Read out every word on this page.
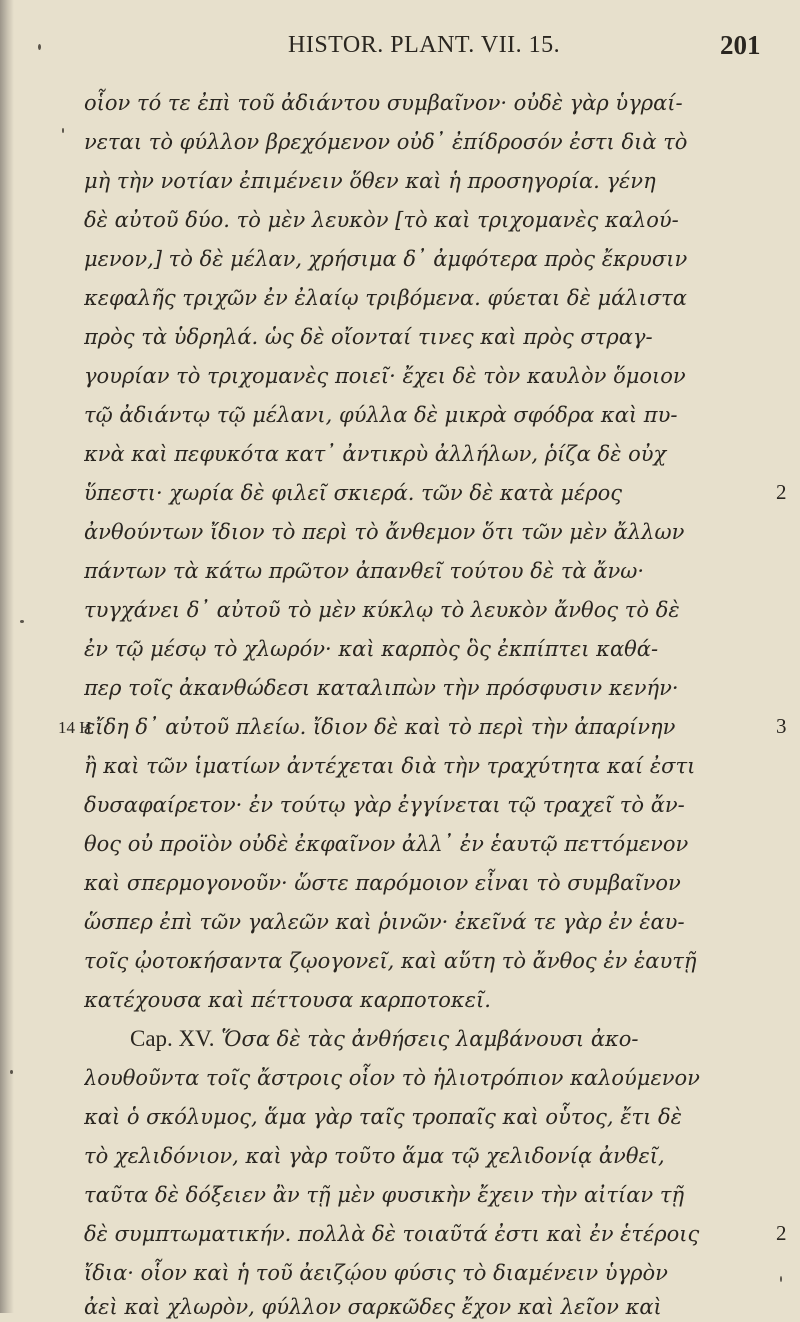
HISTOR. PLANT. VII. 15.	201
οἷον τό τε ἐπὶ τοῦ ἀδιάντου συμβαῖνον· οὐδὲ γὰρ ὑγραί-
νεται τὸ φύλλον βρεχόμενον οὐδ᾽ ἐπίδροσόν ἐστι διὰ τὸ
μὴ τὴν νοτίαν ἐπιμένειν ὅθεν καὶ ἡ προσηγορία. γένη
δὲ αὐτοῦ δύο. τὸ μὲν λευκὸν [τὸ καὶ τριχομανὲς καλού-
μενον,] τὸ δὲ μέλαν, χρήσιμα δ᾽ ἀμφότερα πρὸς ἔκρυσιν
κεφαλῆς τριχῶν ἐν ἐλαίῳ τριβόμενα. φύεται δὲ μάλιστα
πρὸς τὰ ὑδρηλά. ὡς δὲ οἴονταί τινες καὶ πρὸς στραγ-
γουρίαν τὸ τριχομανὲς ποιεῖ· ἔχει δὲ τὸν καυλὸν ὅμοιον
τῷ ἀδιάντῳ τῷ μέλανι, φύλλα δὲ μικρὰ σφόδρα καὶ πυ-
κνὰ καὶ πεφυκότα κατ᾽ ἀντικρὺ ἀλλήλων, ῥίζα δὲ οὐχ
ὕπεστι· χωρία δὲ φιλεῖ σκιερά. τῶν δὲ κατὰ μέρος
ἀνθούντων ἴδιον τὸ περὶ τὸ ἄνθεμον ὅτι τῶν μὲν ἄλλων
πάντων τὰ κάτω πρῶτον ἀπανθεῖ τούτου δὲ τὰ ἄνω·
τυγχάνει δ᾽ αὐτοῦ τὸ μὲν κύκλῳ τὸ λευκὸν ἄνθος τὸ δὲ
ἐν τῷ μέσῳ τὸ χλωρόν· καὶ καρπὸς ὃς ἐκπίπτει καθά-
περ τοῖς ἀκανθώδεσι καταλιπὼν τὴν πρόσφυσιν κενήν·
εἴδη δ᾽ αὐτοῦ πλείω. ἴδιον δὲ καὶ τὸ περὶ τὴν ἀπαρίνην
ἢ καὶ τῶν ἱματίων ἀντέχεται διὰ τὴν τραχύτητα καί ἐστι
δυσαφαίρετον· ἐν τούτῳ γὰρ ἐγγίνεται τῷ τραχεῖ τὸ ἄν-
θος οὐ προϊὸν οὐδὲ ἐκφαῖνον ἀλλ᾽ ἐν ἑαυτῷ πεττόμενον
καὶ σπερμογονοῦν· ὥστε παρόμοιον εἶναι τὸ συμβαῖνον
ὥσπερ ἐπὶ τῶν γαλεῶν καὶ ῥινῶν· ἐκεῖνά τε γὰρ ἐν ἑαυ-
τοῖς ᾠοτοκήσαντα ζῳογονεῖ, καὶ αὕτη τὸ ἄνθος ἐν ἑαυτῇ
κατέχουσα καὶ πέττουσα καρποτοκεῖ.
Cap. XV. Ὅσα δὲ τὰς ἀνθήσεις λαμβάνουσι ἀκο-
λουθοῦντα τοῖς ἄστροις οἷον τὸ ἡλιοτρόπιον καλούμενον
καὶ ὁ σκόλυμος, ἅμα γὰρ ταῖς τροπαῖς καὶ οὗτος, ἔτι δὲ
τὸ χελιδόνιον, καὶ γὰρ τοῦτο ἅμα τῷ χελιδονίᾳ ἀνθεῖ,
ταῦτα δὲ δόξειεν ἂν τῇ μὲν φυσικὴν ἔχειν τὴν αἰτίαν τῇ
δὲ συμπτωματικήν. πολλὰ δὲ τοιαῦτά ἐστι καὶ ἐν ἑτέροις
ἴδια· οἷον καὶ ἡ τοῦ ἀειζῴου φύσις τὸ διαμένειν ὑγρὸν
ἀεὶ καὶ χλωρὸν, φύλλον σαρκῶδες ἔχον καὶ λεῖον καὶ
14 H
2
3
2
